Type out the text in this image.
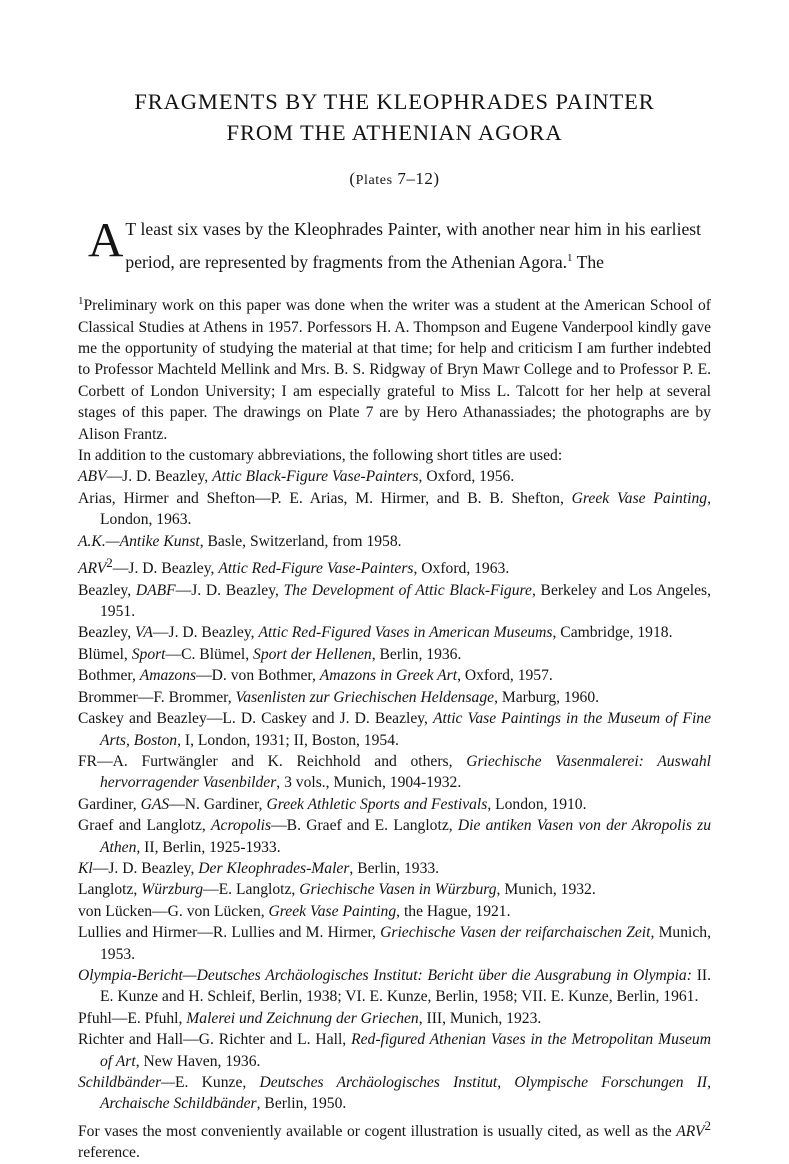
FRAGMENTS BY THE KLEOPHRADES PAINTER
FROM THE ATHENIAN AGORA
(Plates 7–12)
A T least six vases by the Kleophrades Painter, with another near him in his earliest period, are represented by fragments from the Athenian Agora.$^1$ The

$^1$Preliminary work on this paper was done when the writer was a student at the American School of Classical Studies at Athens in 1957. Porfessors H. A. Thompson and Eugene Vanderpool kindly gave me the opportunity of studying the material at that time; for help and criticism I am further indebted to Professor Machteld Mellink and Mrs. B. S. Ridgway of Bryn Mawr College and to Professor P. E. Corbett of London University; I am especially grateful to Miss L. Talcott for her help at several stages of this paper. The drawings on Plate 7 are by Hero Athanassiades; the photographs are by Alison Frantz.

In addition to the customary abbreviations, the following short titles are used:

ABV—J. D. Beazley, Attic Black-Figure Vase-Painters, Oxford, 1956.
Arias, Hirmer and Shefton—P. E. Arias, M. Hirmer, and B. B. Shefton, Greek Vase Painting, London, 1963.
A.K.—Antike Kunst, Basle, Switzerland, from 1958.
ARV$^2$—J. D. Beazley, Attic Red-Figure Vase-Painters, Oxford, 1963.
Beazley, DABF—J. D. Beazley, The Development of Attic Black-Figure, Berkeley and Los Angeles, 1951.
Beazley, VA—J. D. Beazley, Attic Red-Figured Vases in American Museums, Cambridge, 1918.
Blümel, Sport—C. Blümel, Sport der Hellenen, Berlin, 1936.
Bothmer, Amazons—D. von Bothmer, Amazons in Greek Art, Oxford, 1957.
Brommer—F. Brommer, Vasenlisten zur Griechischen Heldensage, Marburg, 1960.
Caskey and Beazley—L. D. Caskey and J. D. Beazley, Attic Vase Paintings in the Museum of Fine Arts, Boston, I, London, 1931; II, Boston, 1954.
FR—A. Furtwängler and K. Reichhold and others, Griechische Vasenmalerei: Auswahl hervorragender Vasenbilder, 3 vols., Munich, 1904-1932.
Gardiner, GAS—N. Gardiner, Greek Athletic Sports and Festivals, London, 1910.
Graef and Langlotz, Acropolis—B. Graef and E. Langlotz, Die antiken Vasen von der Akropolis zu Athen, II, Berlin, 1925-1933.
Kl—J. D. Beazley, Der Kleophrades-Maler, Berlin, 1933.
Langlotz, Würzburg—E. Langlotz, Griechische Vasen in Würzburg, Munich, 1932.
von Lücken—G. von Lücken, Greek Vase Painting, the Hague, 1921.
Lullies and Hirmer—R. Lullies and M. Hirmer, Griechische Vasen der reifarchaischen Zeit, Munich, 1953.
Olympia-Bericht—Deutsches Archäologisches Institut: Bericht über die Ausgrabung in Olympia: II. E. Kunze and H. Schleif, Berlin, 1938; VI. E. Kunze, Berlin, 1958; VII. E. Kunze, Berlin, 1961.
Pfuhl—E. Pfuhl, Malerei und Zeichnung der Griechen, III, Munich, 1923.
Richter and Hall—G. Richter and L. Hall, Red-figured Athenian Vases in the Metropolitan Museum of Art, New Haven, 1936.
Schildbänder—E. Kunze, Deutsches Archäologisches Institut, Olympische Forschungen II, Archaische Schildbänder, Berlin, 1950.

For vases the most conveniently available or cogent illustration is usually cited, as well as the ARV$^2$ reference.
